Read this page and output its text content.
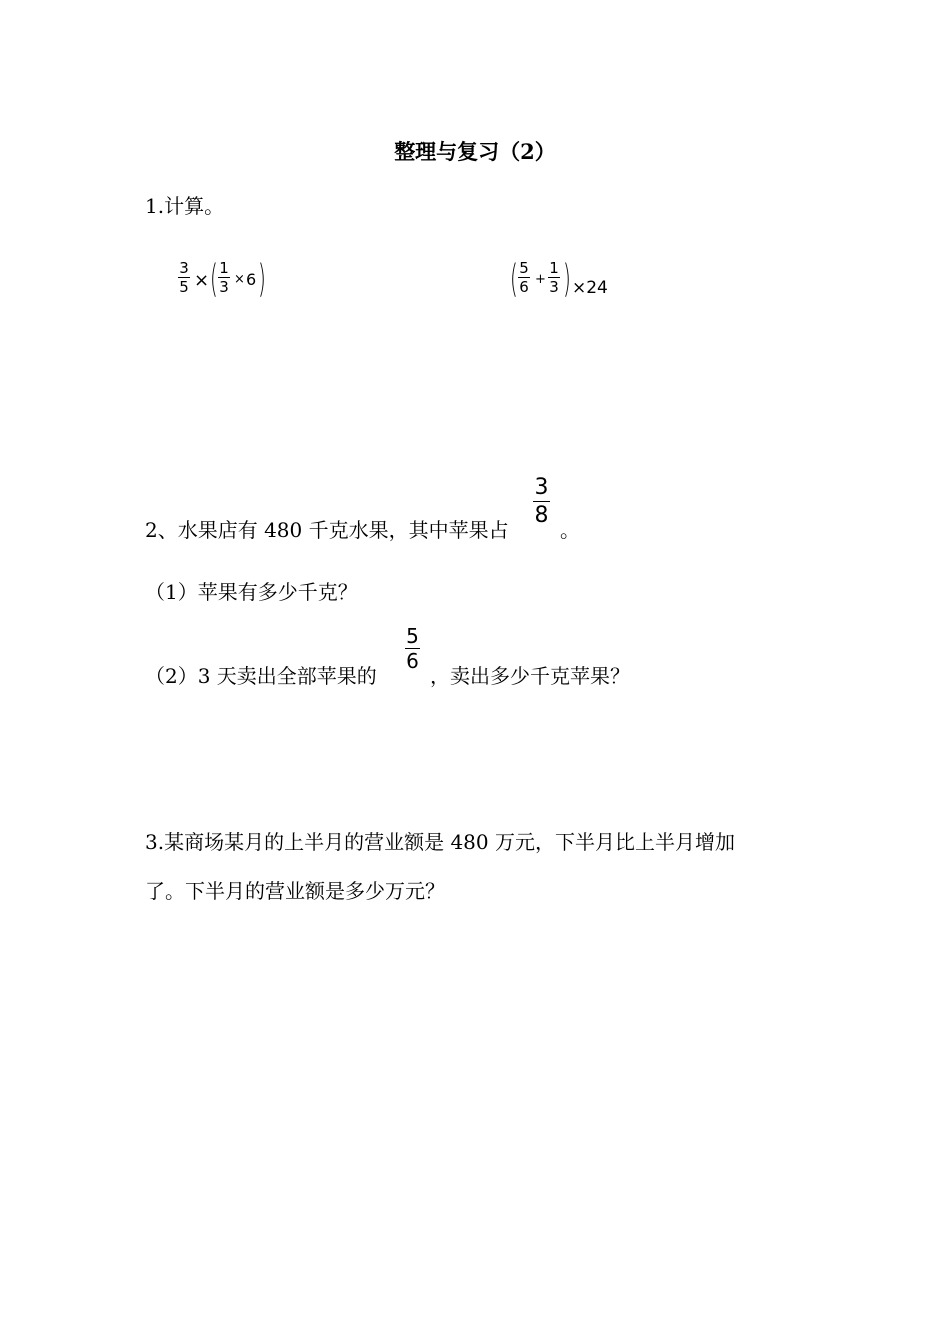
整理与复习（2）
1.计算。
3
5 × ( 1
3 × 6 )	( 5
6 +
1
3 ) ×24
2、水果店有 480 千克水果，其中苹果占
3
8
。
（1）苹果有多少千克？
（2）3 天卖出全部苹果的
5
6
，卖出多少千克苹果？
3.某商场某月的上半月的营业额是 480 万元，下半月比上半月增加
了。下半月的营业额是多少万元？
